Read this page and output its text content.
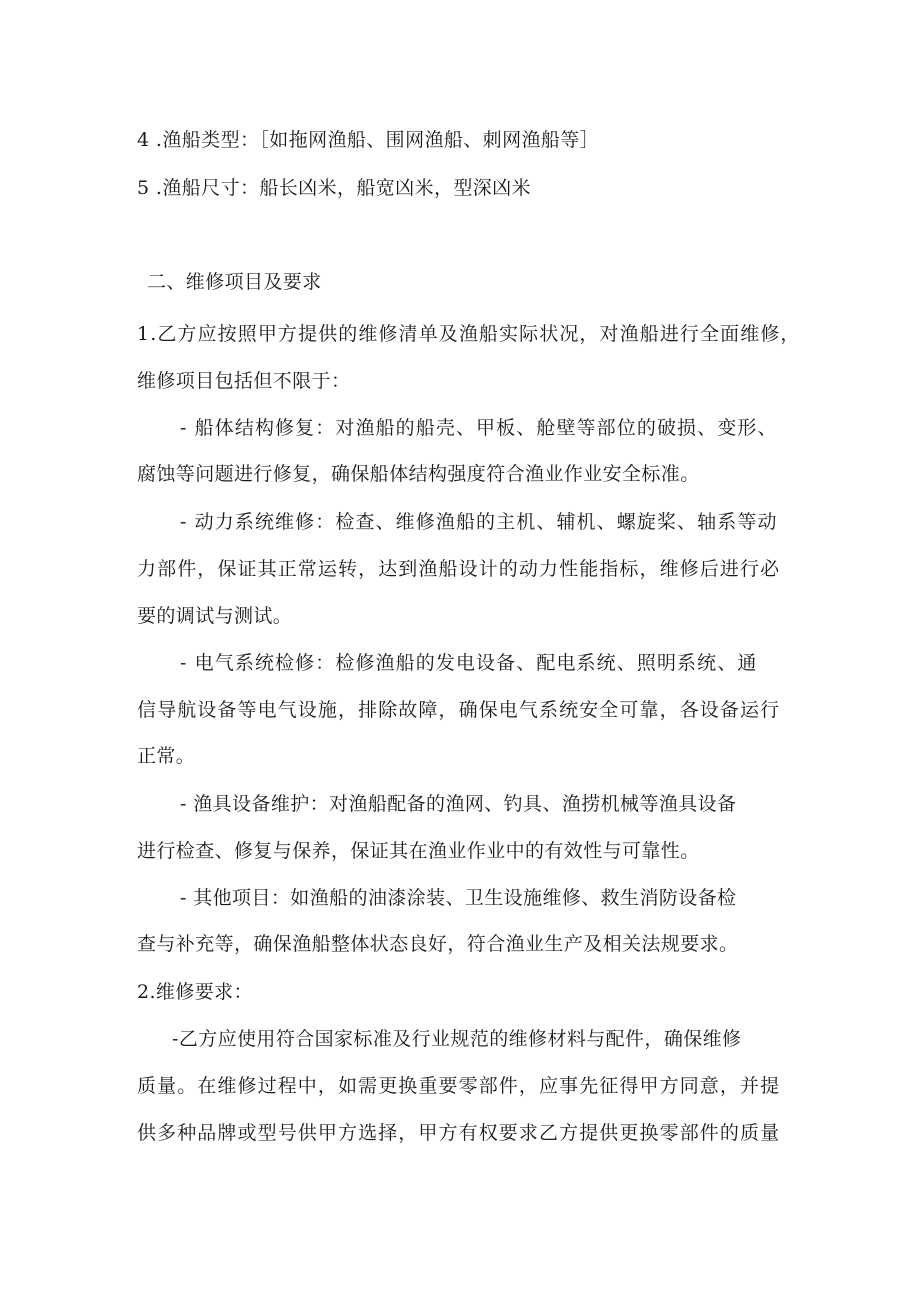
4 .渔船类型：［如拖网渔船、围网渔船、刺网渔船等］
5 .渔船尺寸：船长凶米，船宽凶米，型深凶米
二、维修项目及要求
1.乙方应按照甲方提供的维修清单及渔船实际状况，对渔船进行全面维修，
维修项目包括但不限于：
- 船体结构修复：对渔船的船壳、甲板、舱壁等部位的破损、变形、
腐蚀等问题进行修复，确保船体结构强度符合渔业作业安全标准。
- 动力系统维修：检查、维修渔船的主机、辅机、螺旋桨、轴系等动
力部件，保证其正常运转，达到渔船设计的动力性能指标，维修后进行必
要的调试与测试。
- 电气系统检修：检修渔船的发电设备、配电系统、照明系统、通
信导航设备等电气设施，排除故障，确保电气系统安全可靠，各设备运行
正常。
- 渔具设备维护：对渔船配备的渔网、钓具、渔捞机械等渔具设备
进行检查、修复与保养，保证其在渔业作业中的有效性与可靠性。
- 其他项目：如渔船的油漆涂装、卫生设施维修、救生消防设备检
查与补充等，确保渔船整体状态良好，符合渔业生产及相关法规要求。
2.维修要求：
-乙方应使用符合国家标准及行业规范的维修材料与配件，确保维修
质量。在维修过程中，如需更换重要零部件，应事先征得甲方同意，并提
供多种品牌或型号供甲方选择，甲方有权要求乙方提供更换零部件的质量
